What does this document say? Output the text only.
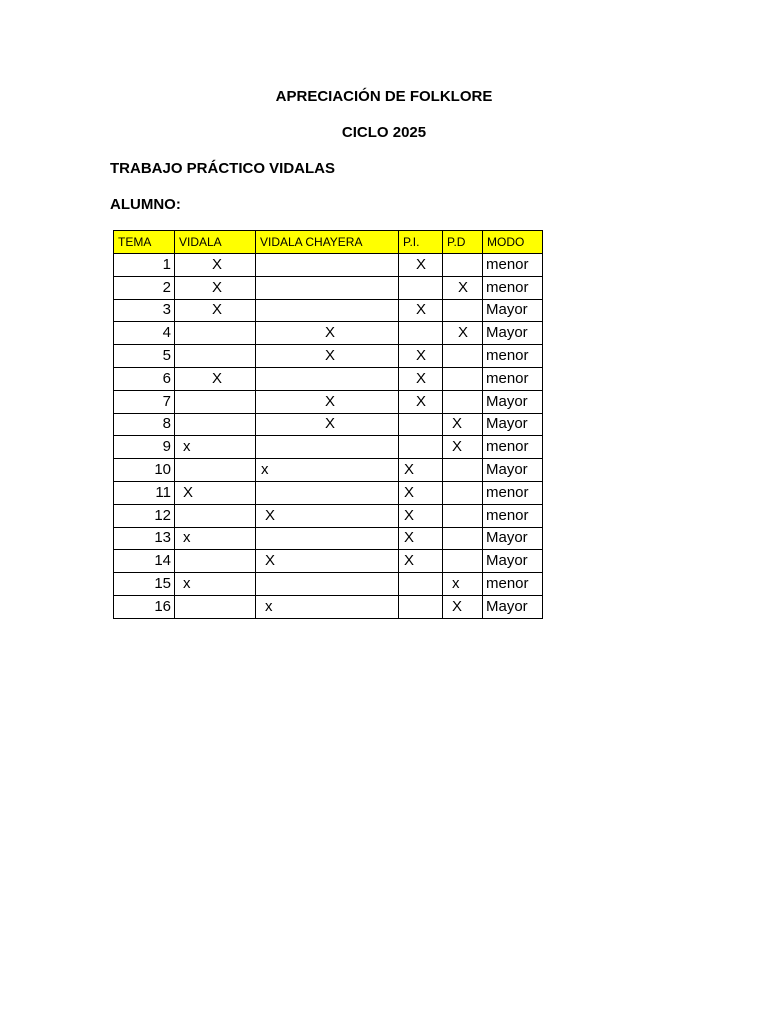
APRECIACIÓN DE FOLKLORE
CICLO 2025
TRABAJO PRÁCTICO VIDALAS
ALUMNO:
TEMA	VIDALA	VIDALA CHAYERA	P.I.	P.D	MODO
1	X		X		menor
2	X			X	menor
3	X		X		Mayor
4		X		X	Mayor
5		X	X		menor
6	X		X		menor
7		X	X		Mayor
8		X		X	Mayor
9	x			X	menor
10		x	X		Mayor
11	X		X		menor
12		X	X		menor
13	x		X		Mayor
14		X	X		Mayor
15	x			x	menor
16		x		X	Mayor
